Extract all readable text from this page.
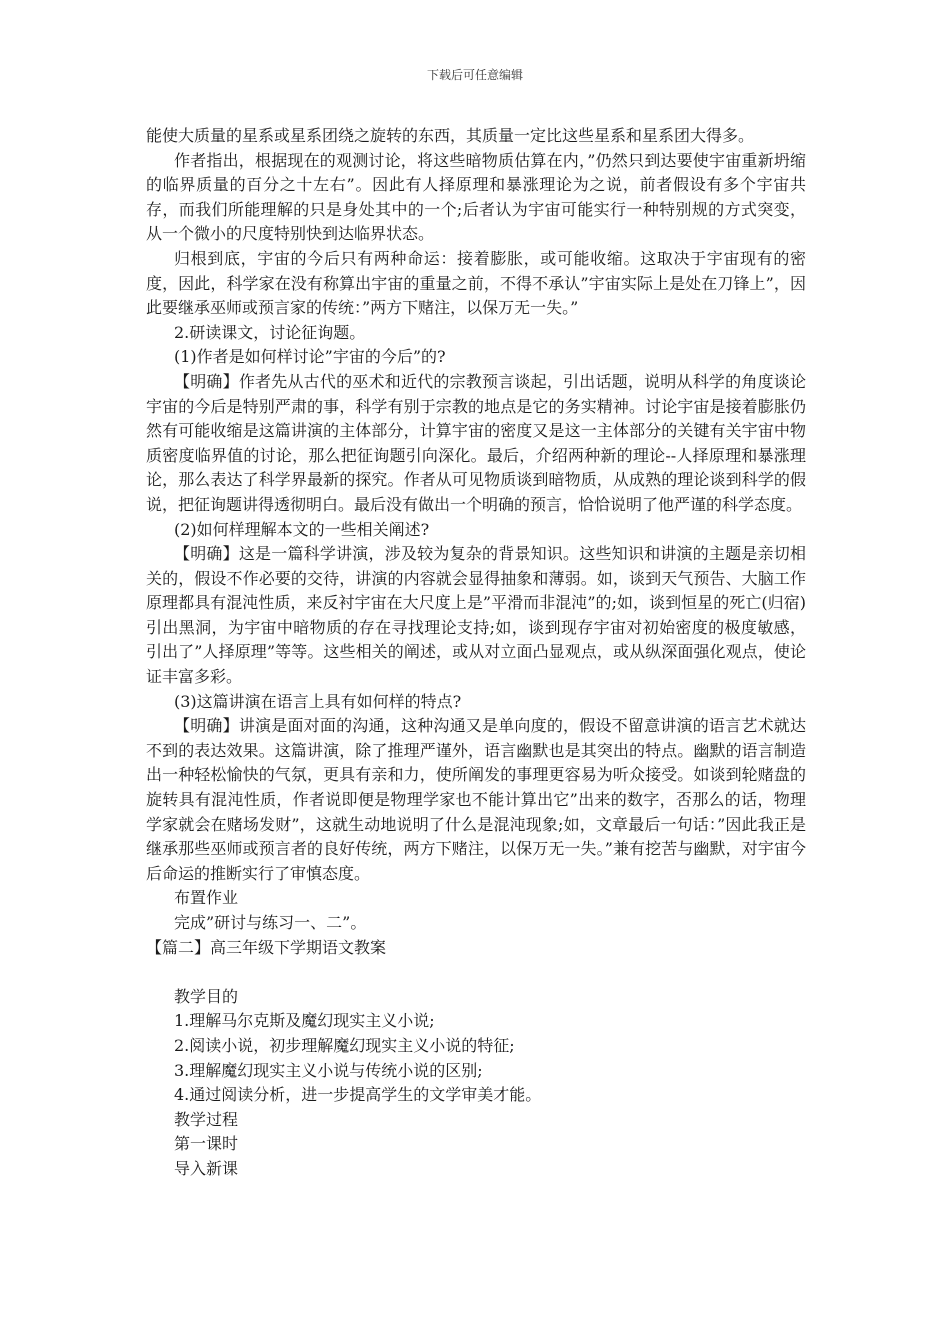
下载后可任意编辑

能使大质量的星系或星系团绕之旋转的东西，其质量一定比这些星系和星系团大得多。

作者指出，根据现在的观测讨论，将这些暗物质估算在内，”仍然只到达要使宇宙重新坍缩的临界质量的百分之十左右”。因此有人择原理和暴涨理论为之说，前者假设有多个宇宙共存，而我们所能理解的只是身处其中的一个;后者认为宇宙可能实行一种特别规的方式突变，从一个微小的尺度特别快到达临界状态。

归根到底，宇宙的今后只有两种命运：接着膨胀，或可能收缩。这取决于宇宙现有的密度，因此，科学家在没有称算出宇宙的重量之前，不得不承认”宇宙实际上是处在刀锋上”，因此要继承巫师或预言家的传统：”两方下赌注，以保万无一失。”

2.研读课文，讨论征询题。

(1)作者是如何样讨论”宇宙的今后”的?

【明确】作者先从古代的巫术和近代的宗教预言谈起，引出话题，说明从科学的角度谈论宇宙的今后是特别严肃的事，科学有别于宗教的地点是它的务实精神。讨论宇宙是接着膨胀仍然有可能收缩是这篇讲演的主体部分，计算宇宙的密度又是这一主体部分的关键有关宇宙中物质密度临界值的讨论，那么把征询题引向深化。最后，介绍两种新的理论--人择原理和暴涨理论，那么表达了科学界最新的探究。作者从可见物质谈到暗物质，从成熟的理论谈到科学的假说，把征询题讲得透彻明白。最后没有做出一个明确的预言，恰恰说明了他严谨的科学态度。

(2)如何样理解本文的一些相关阐述?

【明确】这是一篇科学讲演，涉及较为复杂的背景知识。这些知识和讲演的主题是亲切相关的，假设不作必要的交待，讲演的内容就会显得抽象和薄弱。如，谈到天气预告、大脑工作原理都具有混沌性质，来反衬宇宙在大尺度上是”平滑而非混沌”的;如，谈到恒星的死亡(归宿)引出黑洞，为宇宙中暗物质的存在寻找理论支持;如，谈到现存宇宙对初始密度的极度敏感，引出了”人择原理”等等。这些相关的阐述，或从对立面凸显观点，或从纵深面强化观点，使论证丰富多彩。

(3)这篇讲演在语言上具有如何样的特点?

【明确】讲演是面对面的沟通，这种沟通又是单向度的，假设不留意讲演的语言艺术就达不到的表达效果。这篇讲演，除了推理严谨外，语言幽默也是其突出的特点。幽默的语言制造出一种轻松愉快的气氛，更具有亲和力，使所阐发的事理更容易为听众接受。如谈到轮赌盘的旋转具有混沌性质，作者说即便是物理学家也不能计算出它”出来的数字，否那么的话，物理学家就会在赌场发财”，这就生动地说明了什么是混沌现象;如，文章最后一句话：”因此我正是继承那些巫师或预言者的良好传统，两方下赌注，以保万无一失。”兼有挖苦与幽默，对宇宙今后命运的推断实行了审慎态度。

布置作业

完成”研讨与练习一、二”。

【篇二】高三年级下学期语文教案

教学目的

1.理解马尔克斯及魔幻现实主义小说;

2.阅读小说，初步理解魔幻现实主义小说的特征;

3.理解魔幻现实主义小说与传统小说的区别;

4.通过阅读分析，进一步提高学生的文学审美才能。

教学过程

第一课时

导入新课
